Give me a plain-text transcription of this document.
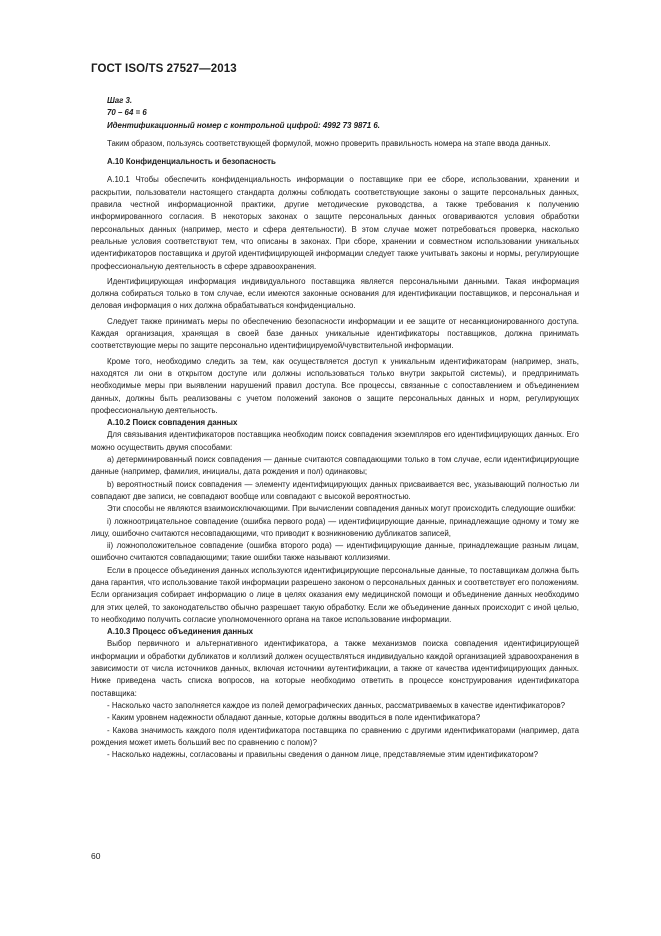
ГОСТ ISO/TS 27527—2013

Шаг 3.

70 – 64 = 6

Идентификационный номер с контрольной цифрой: 4992 73 9871 6.

Таким образом, пользуясь соответствующей формулой, можно проверить правильность номера на этапе ввода данных.

А.10 Конфиденциальность и безопасность

А.10.1 Чтобы обеспечить конфиденциальность информации о поставщике при ее сборе, использовании, хранении и раскрытии, пользователи настоящего стандарта должны соблюдать соответствующие законы о защите персональных данных, правила честной информационной практики, другие методические руководства, а также требования к получению информированного согласия. В некоторых законах о защите персональных данных оговариваются условия обработки персональных данных (например, место и сфера деятельности). В этом случае может потребоваться проверка, насколько реальные условия соответствуют тем, что описаны в законах. При сборе, хранении и совместном использовании уникальных идентификаторов поставщика и другой идентифицирующей информации следует также учитывать законы и нормы, регулирующие профессиональную деятельность в сфере здравоохранения.

Идентифицирующая информация индивидуального поставщика является персональными данными. Такая информация должна собираться только в том случае, если имеются законные основания для идентификации поставщиков, и персональная и деловая информация о них должна обрабатываться конфиденциально.

Следует также принимать меры по обеспечению безопасности информации и ее защите от несанкционированного доступа. Каждая организация, хранящая в своей базе данных уникальные идентификаторы поставщиков, должна принимать соответствующие меры по защите персонально идентифицируемой/чувствительной информации.

Кроме того, необходимо следить за тем, как осуществляется доступ к уникальным идентификаторам (например, знать, находятся ли они в открытом доступе или должны использоваться только внутри закрытой системы), и предпринимать необходимые меры при выявлении нарушений правил доступа. Все процессы, связанные с сопоставлением и объединением данных, должны быть реализованы с учетом положений законов о защите персональных данных и норм, регулирующих профессиональную деятельность.

А.10.2 Поиск совпадения данных

Для связывания идентификаторов поставщика необходим поиск совпадения экземпляров его идентифицирующих данных. Его можно осуществить двумя способами:

a) детерминированный поиск совпадения — данные считаются совпадающими только в том случае, если идентифицирующие данные (например, фамилия, инициалы, дата рождения и пол) одинаковы;

b) вероятностный поиск совпадения — элементу идентифицирующих данных присваивается вес, указывающий полностью ли совпадают две записи, не совпадают вообще или совпадают с высокой вероятностью.

Эти способы не являются взаимоисключающими. При вычислении совпадения данных могут происходить следующие ошибки:

i) ложноотрицательное совпадение (ошибка первого рода) — идентифицирующие данные, принадлежащие одному и тому же лицу, ошибочно считаются несовпадающими, что приводит к возникновению дубликатов записей,

ii) ложноположительное совпадение (ошибка второго рода) — идентифицирующие данные, принадлежащие разным лицам, ошибочно считаются совпадающими; такие ошибки также называют коллизиями.

Если в процессе объединения данных используются идентифицирующие персональные данные, то поставщикам должна быть дана гарантия, что использование такой информации разрешено законом о персональных данных и соответствует его положениям. Если организация собирает информацию о лице в целях оказания ему медицинской помощи и объединение данных необходимо для этих целей, то законодательство обычно разрешает такую обработку. Если же объединение данных происходит с иной целью, то необходимо получить согласие уполномоченного органа на такое использование информации.

А.10.3 Процесс объединения данных

Выбор первичного и альтернативного идентификатора, а также механизмов поиска совпадения идентифицирующей информации и обработки дубликатов и коллизий должен осуществляться индивидуально каждой организацией здравоохранения в зависимости от числа источников данных, включая источники аутентификации, а также от качества идентифицирующих данных. Ниже приведена часть списка вопросов, на которые необходимо ответить в процессе конструирования идентификатора поставщика:

- Насколько часто заполняется каждое из полей демографических данных, рассматриваемых в качестве идентификаторов?

- Каким уровнем надежности обладают данные, которые должны вводиться в поле идентификатора?

- Какова значимость каждого поля идентификатора поставщика по сравнению с другими идентификаторами (например, дата рождения может иметь больший вес по сравнению с полом)?

- Насколько надежны, согласованы и правильны сведения о данном лице, представляемые этим идентификатором?

60
